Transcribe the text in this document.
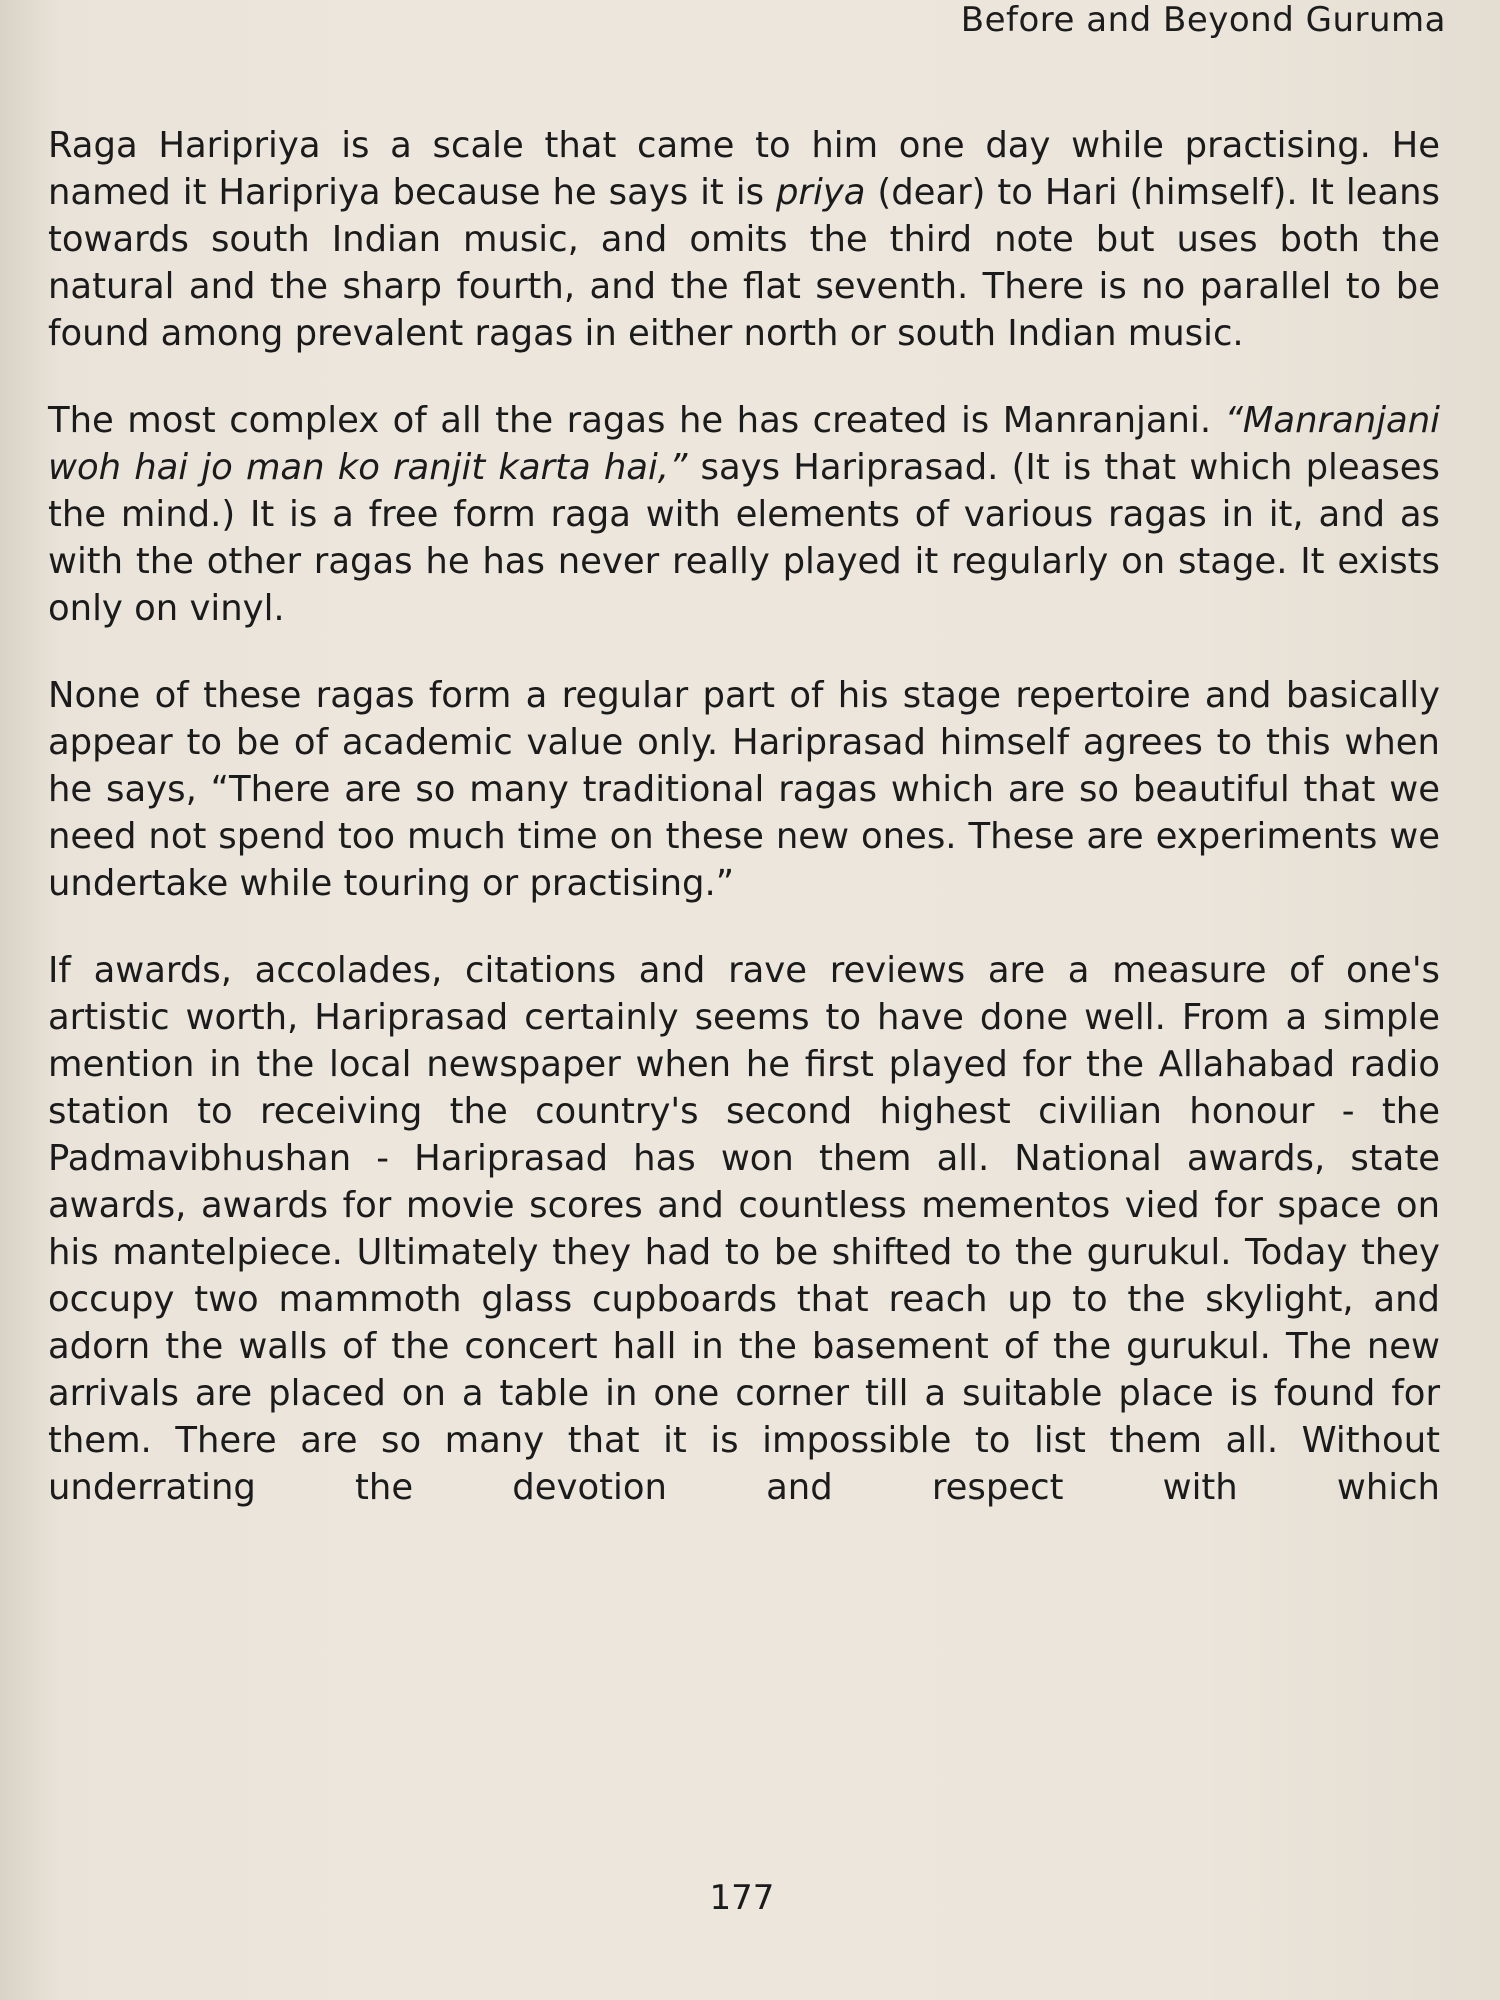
Before and Beyond Guruma

Raga Haripriya is a scale that came to him one day while practising. He named it Haripriya because he says it is priya (dear) to Hari (himself). It leans towards south Indian music, and omits the third note but uses both the natural and the sharp fourth, and the flat seventh. There is no parallel to be found among prevalent ragas in either north or south Indian music.

The most complex of all the ragas he has created is Manranjani. “Manranjani woh hai jo man ko ranjit karta hai,” says Hariprasad. (It is that which pleases the mind.) It is a free form raga with elements of various ragas in it, and as with the other ragas he has never really played it regularly on stage. It exists only on vinyl.

None of these ragas form a regular part of his stage repertoire and basically appear to be of academic value only. Hariprasad himself agrees to this when he says, “There are so many traditional ragas which are so beautiful that we need not spend too much time on these new ones. These are experiments we undertake while touring or practising.”

If awards, accolades, citations and rave reviews are a measure of one's artistic worth, Hariprasad certainly seems to have done well. From a simple mention in the local newspaper when he first played for the Allahabad radio station to receiving the country's second highest civilian honour - the Padmavibhushan - Hariprasad has won them all. National awards, state awards, awards for movie scores and countless mementos vied for space on his mantelpiece. Ultimately they had to be shifted to the gurukul. Today they occupy two mammoth glass cupboards that reach up to the skylight, and adorn the walls of the concert hall in the basement of the gurukul. The new arrivals are placed on a table in one corner till a suitable place is found for them. There are so many that it is impossible to list them all. Without underrating the devotion and respect with which

177
